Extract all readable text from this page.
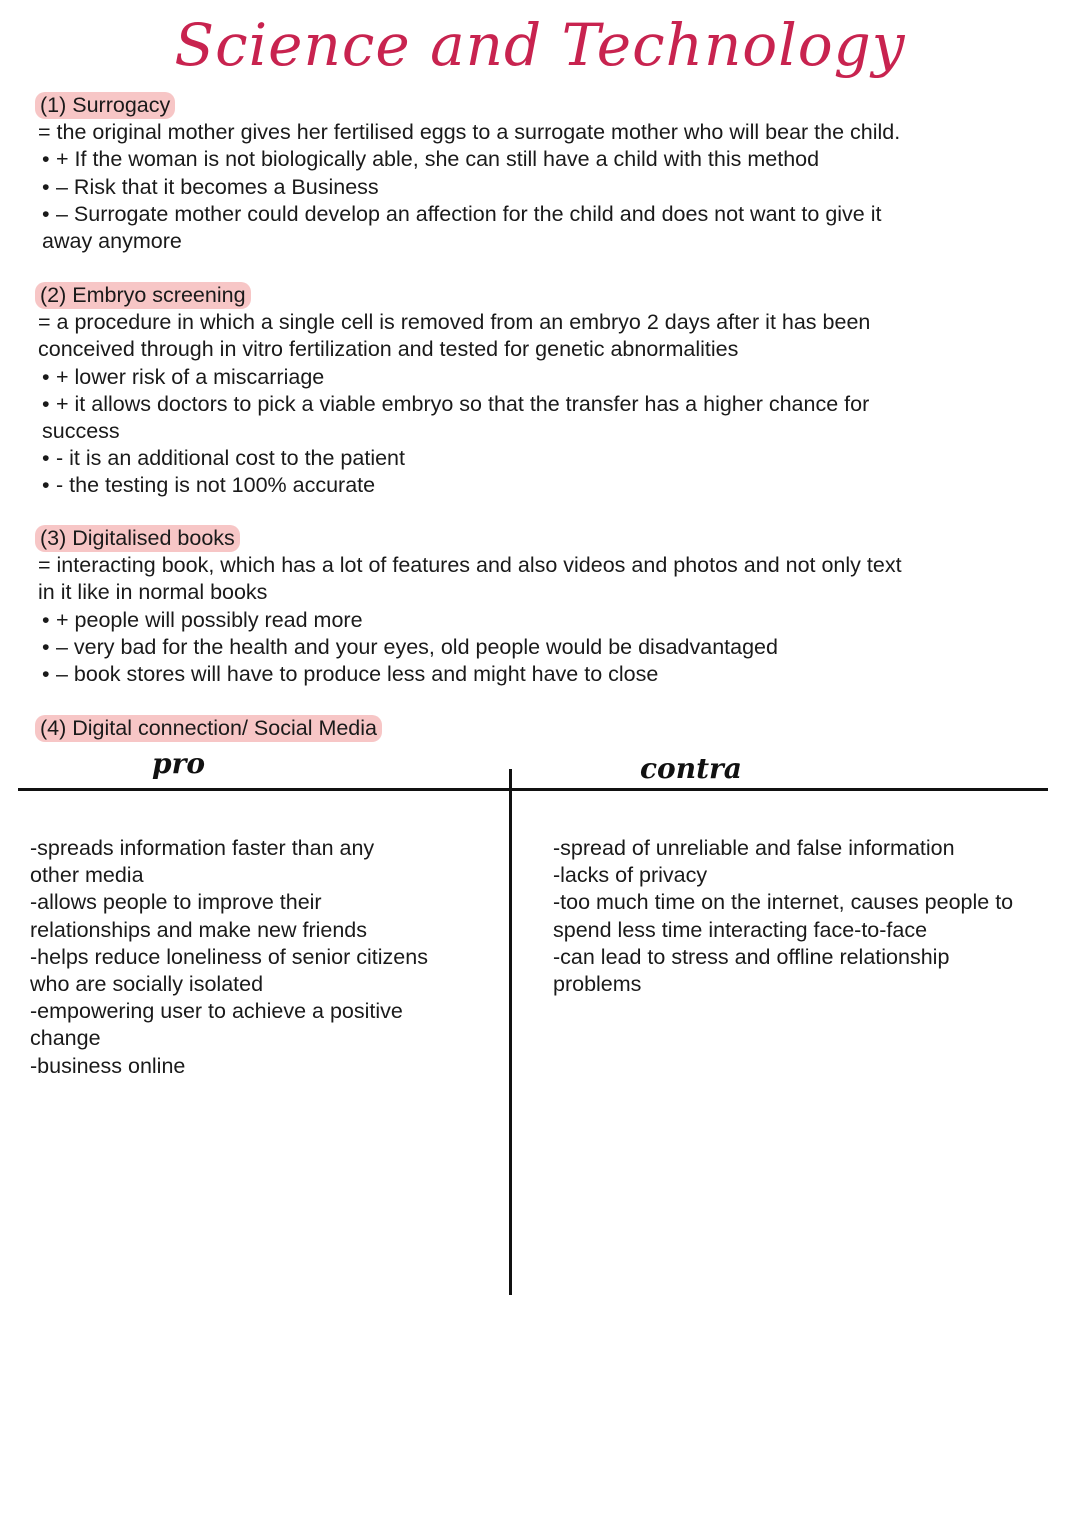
Science and Technology
(1) Surrogacy
= the original mother gives her fertilised eggs to a surrogate mother who will bear the child.
• + If the woman is not biologically able, she can still have a child with this method
• – Risk that it becomes a Business
• – Surrogate mother could develop an affection for the child and does not want to give it
away anymore
(2) Embryo screening
= a procedure in which a single cell is removed from an embryo 2 days after it has been
conceived through in vitro fertilization and tested for genetic abnormalities
• + lower risk of a miscarriage
• + it allows doctors to pick a viable embryo so that the transfer has a higher chance for
success
• - it is an additional cost to the patient
• - the testing is not 100% accurate
(3) Digitalised books
= interacting book, which has a lot of features and also videos and photos and not only text
in it like in normal books
• + people will possibly read more
• – very bad for the health and your eyes, old people would be disadvantaged
• – book stores will have to produce less and might have to close
(4) Digital connection/ Social Media
pro	contra
-spreads information faster than any
other media
-allows people to improve their
relationships and make new friends
-helps reduce loneliness of senior citizens
who are socially isolated
-empowering user to achieve a positive
change
-business online
-spread of unreliable and false information
-lacks of privacy
-too much time on the internet, causes people to
spend less time interacting face-to-face
-can lead to stress and offline relationship
problems
